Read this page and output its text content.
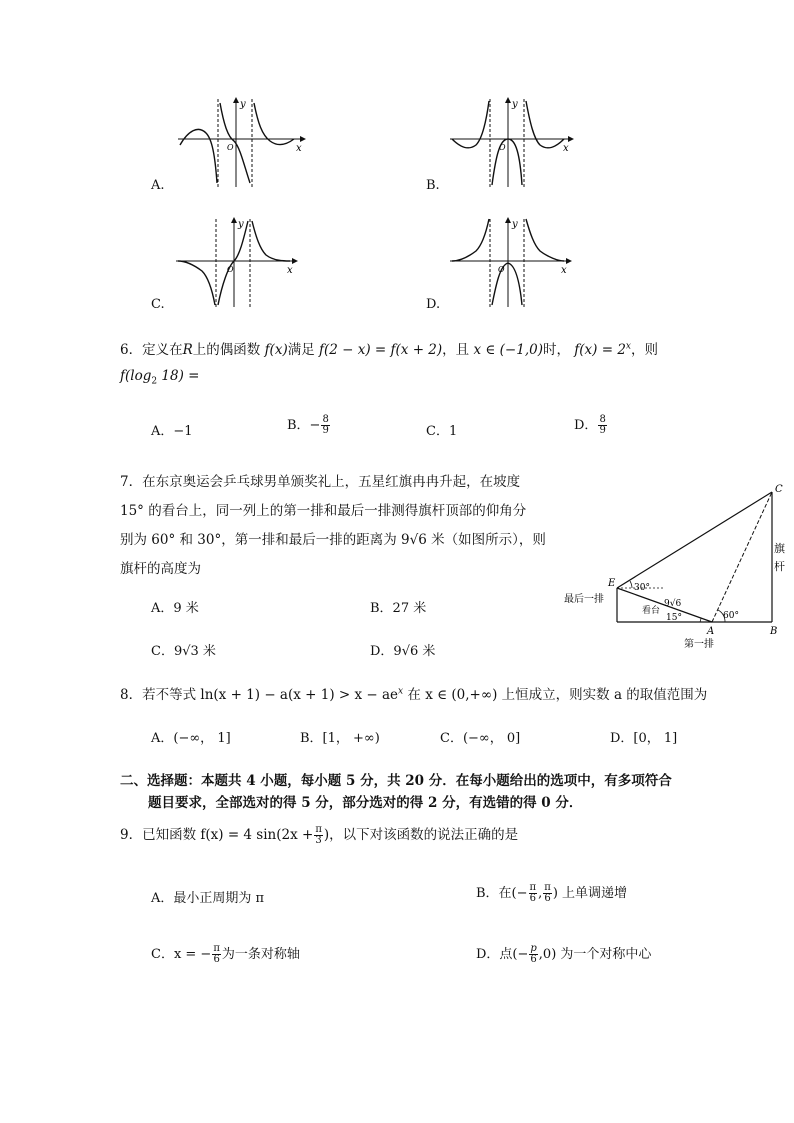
y
x
O
A.
y
x
O
B.
y
x
O
C.
y
x
O
D.
6．定义在R上的偶函数 f(x)满足 f(2 − x) = f(x + 2)，且 x ∈ (−1,0)时， $f(x) = 2^x$，则
$f(\log_2$ 18) =
A．−1	B．− $\frac{8}{9}$	C．1	D． $\frac{8}{9}$
7．在东京奥运会乒乓球男单颁奖礼上，五星红旗冉冉升起，在坡度
15° 的看台上，同一列上的第一排和最后一排测得旗杆顶部的仰角分
别为 60° 和 30°，第一排和最后一排的距离为 9√6 米（如图所示），则
旗杆的高度为
A．9 米	B．27 米
C．9√3 米	D．9√6 米
C
E
A	B
旗
杆
30°
60°
15°
9√6
看台
最后一排
第一排
8．若不等式 $\ln(x + 1) - a(x + 1) > x - ae^x$ 在 x ∈ (0,+∞) 上恒成立，则实数 a 的取值范围为
A．(−∞， 1]	B．[1， +∞)	C．(−∞， 0]	D．[0， 1]
二、选择题：本题共 4 小题，每小题 5 分，共 20 分．在每小题给出的选项中，有多项符合
题目要求，全部选对的得 5 分，部分选对的得 2 分，有选错的得 0 分．
9．已知函数 f(x) = 4 $\sin(2x + \frac{\pi}{3}$ )，以下对该函数的说法正确的是
A．最小正周期为 π	B．在(− $\frac{\pi}{6}$ , $\frac{\pi}{6}$ ) 上单调递增
C．x = − $\frac{\pi}{6}$ 为一条对称轴	D．点(− $\frac{p}{6} ,0$) 为一个对称中心
